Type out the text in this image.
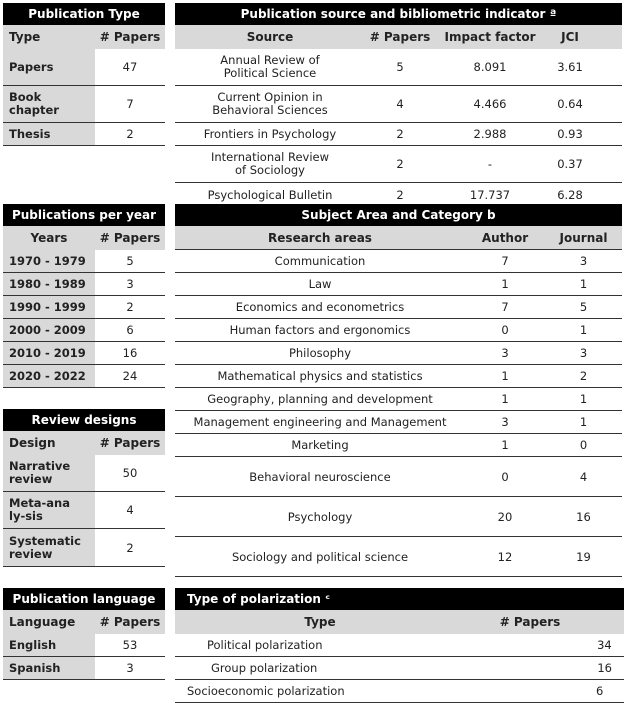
Publication Type
Type	# Papers
Papers	47
Book chapter	7
Thesis	2
Publication source and bibliometric indicator ª
Source	# Papers	Impact factor	JCI
Annual Review of Political Science	5	8.091	3.61
Current Opinion in Behavioral Sciences	4	4.466	0.64
Frontiers in Psychology	2	2.988	0.93
International Review of Sociology	2	-	0.37
Psychological Bulletin	2	17.737	6.28
Publications per year
Years	# Papers
1970 - 1979	5
1980 - 1989	3
1990 - 1999	2
2000 - 2009	6
2010 - 2019	16
2020 - 2022	24
Subject Area and Category b
Research areas	Author	Journal
Communication	7	3
Law	1	1
Economics and econometrics	7	5
Human factors and ergonomics	0	1
Philosophy	3	3
Mathematical physics and statistics	1	2
Geography, planning and development	1	1
Management engineering and Management	3	1
Marketing	1	0
Behavioral neuroscience	0	4
Psychology	20	16
Sociology and political science	12	19
Review designs
Design	# Papers
Narrative review	50
Meta-analy-sis	4
Systematic review	2
Publication language
Language	# Papers
English	53
Spanish	3
Type of polarization ᶜ
Type	# Papers
Political polarization	34
Group polarization	16
Socioeconomic polarization	6
